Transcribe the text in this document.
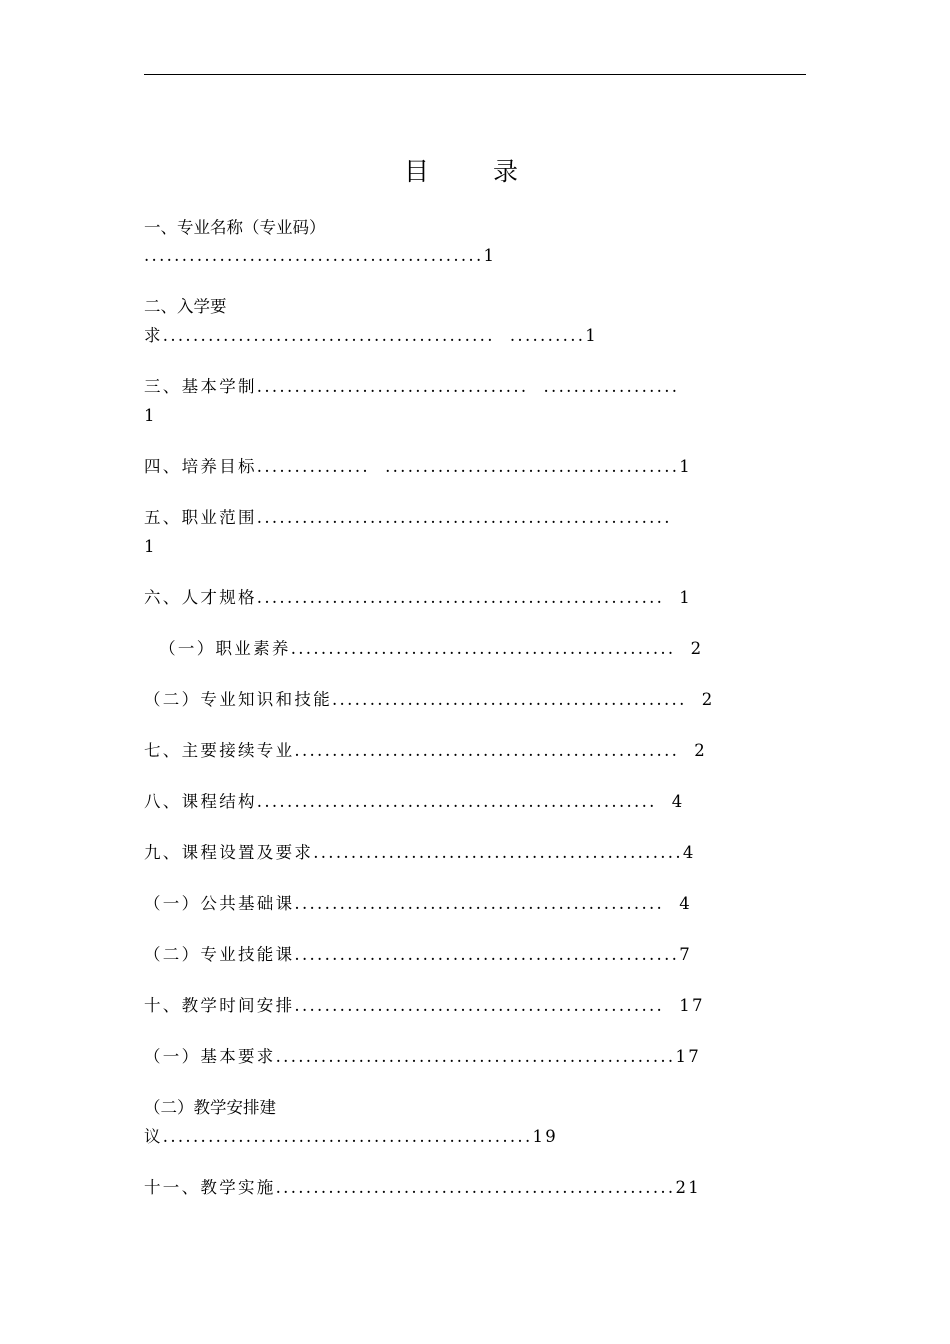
目 录
一、专业名称（专业码）
.............................................1
二、入学要
求............................................  ..........1
三、基本学制....................................  ..................
1
四、培养目标...............  .......................................1
五、职业范围.......................................................
1
六、人才规格......................................................  1
（一）职业素养...................................................  2
（二）专业知识和技能...............................................  2
七、主要接续专业...................................................  2
八、课程结构.....................................................  4
九、课程设置及要求.................................................4
（一）公共基础课.................................................  4
（二）专业技能课...................................................7
十、教学时间安排.................................................  17
（一）基本要求.....................................................17
（二）教学安排建
议.................................................19
十一、教学实施.....................................................21
